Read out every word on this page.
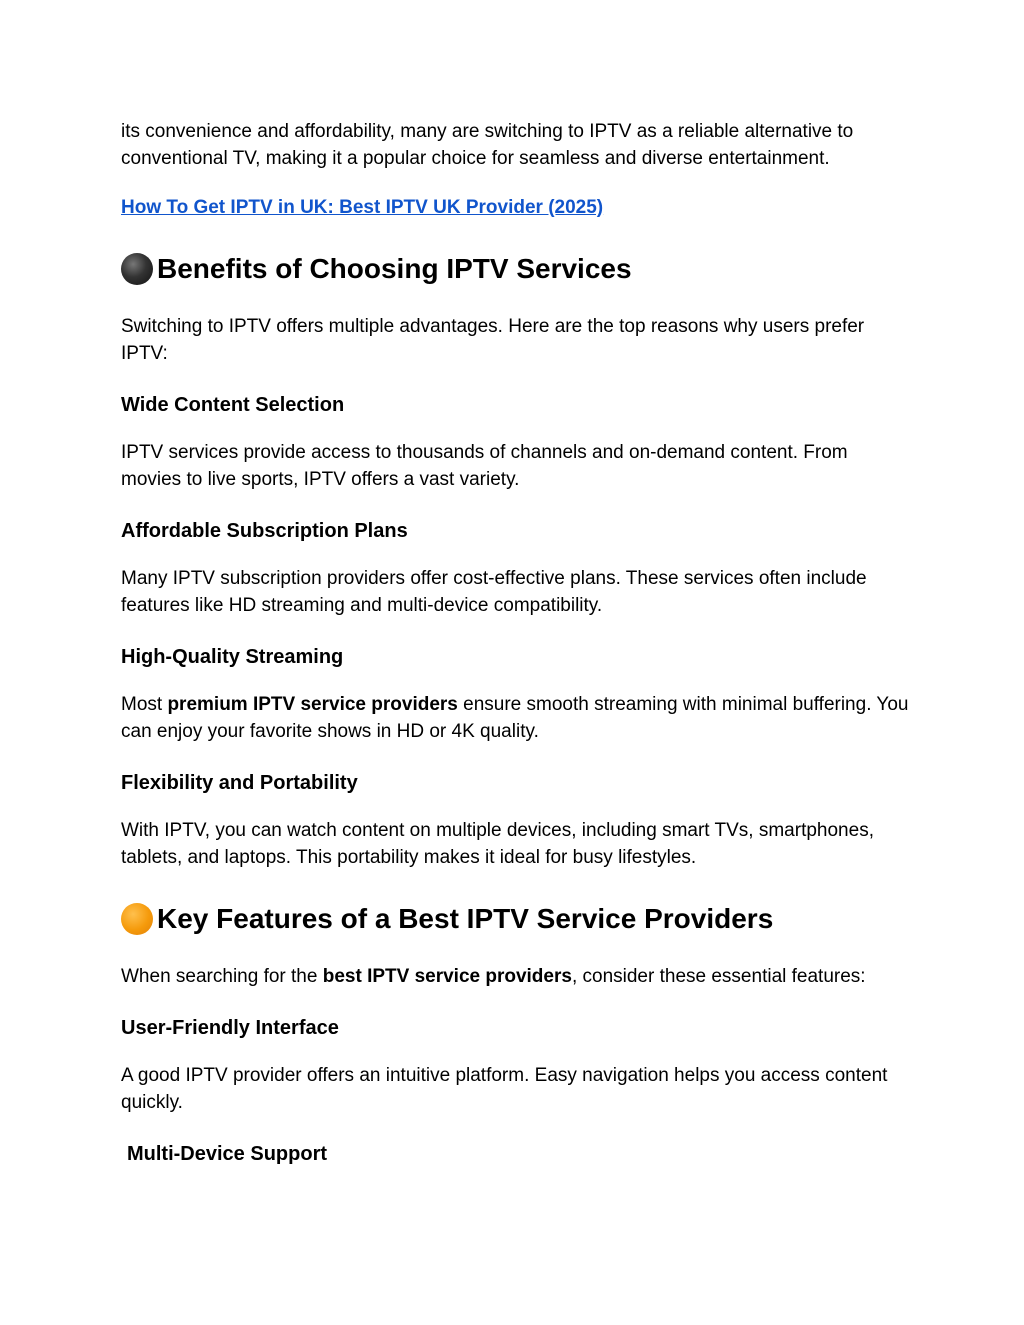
its convenience and affordability, many are switching to IPTV as a reliable alternative to conventional TV, making it a popular choice for seamless and diverse entertainment.

How To Get IPTV in UK: Best IPTV UK Provider (2025)

Benefits of Choosing IPTV Services

Switching to IPTV offers multiple advantages. Here are the top reasons why users prefer IPTV:

Wide Content Selection

IPTV services provide access to thousands of channels and on-demand content. From movies to live sports, IPTV offers a vast variety.

Affordable Subscription Plans

Many IPTV subscription providers offer cost-effective plans. These services often include features like HD streaming and multi-device compatibility.

High-Quality Streaming

Most premium IPTV service providers ensure smooth streaming with minimal buffering. You can enjoy your favorite shows in HD or 4K quality.

Flexibility and Portability

With IPTV, you can watch content on multiple devices, including smart TVs, smartphones, tablets, and laptops. This portability makes it ideal for busy lifestyles.

Key Features of a Best IPTV Service Providers

When searching for the best IPTV service providers, consider these essential features:

User-Friendly Interface

A good IPTV provider offers an intuitive platform. Easy navigation helps you access content quickly.

Multi-Device Support
